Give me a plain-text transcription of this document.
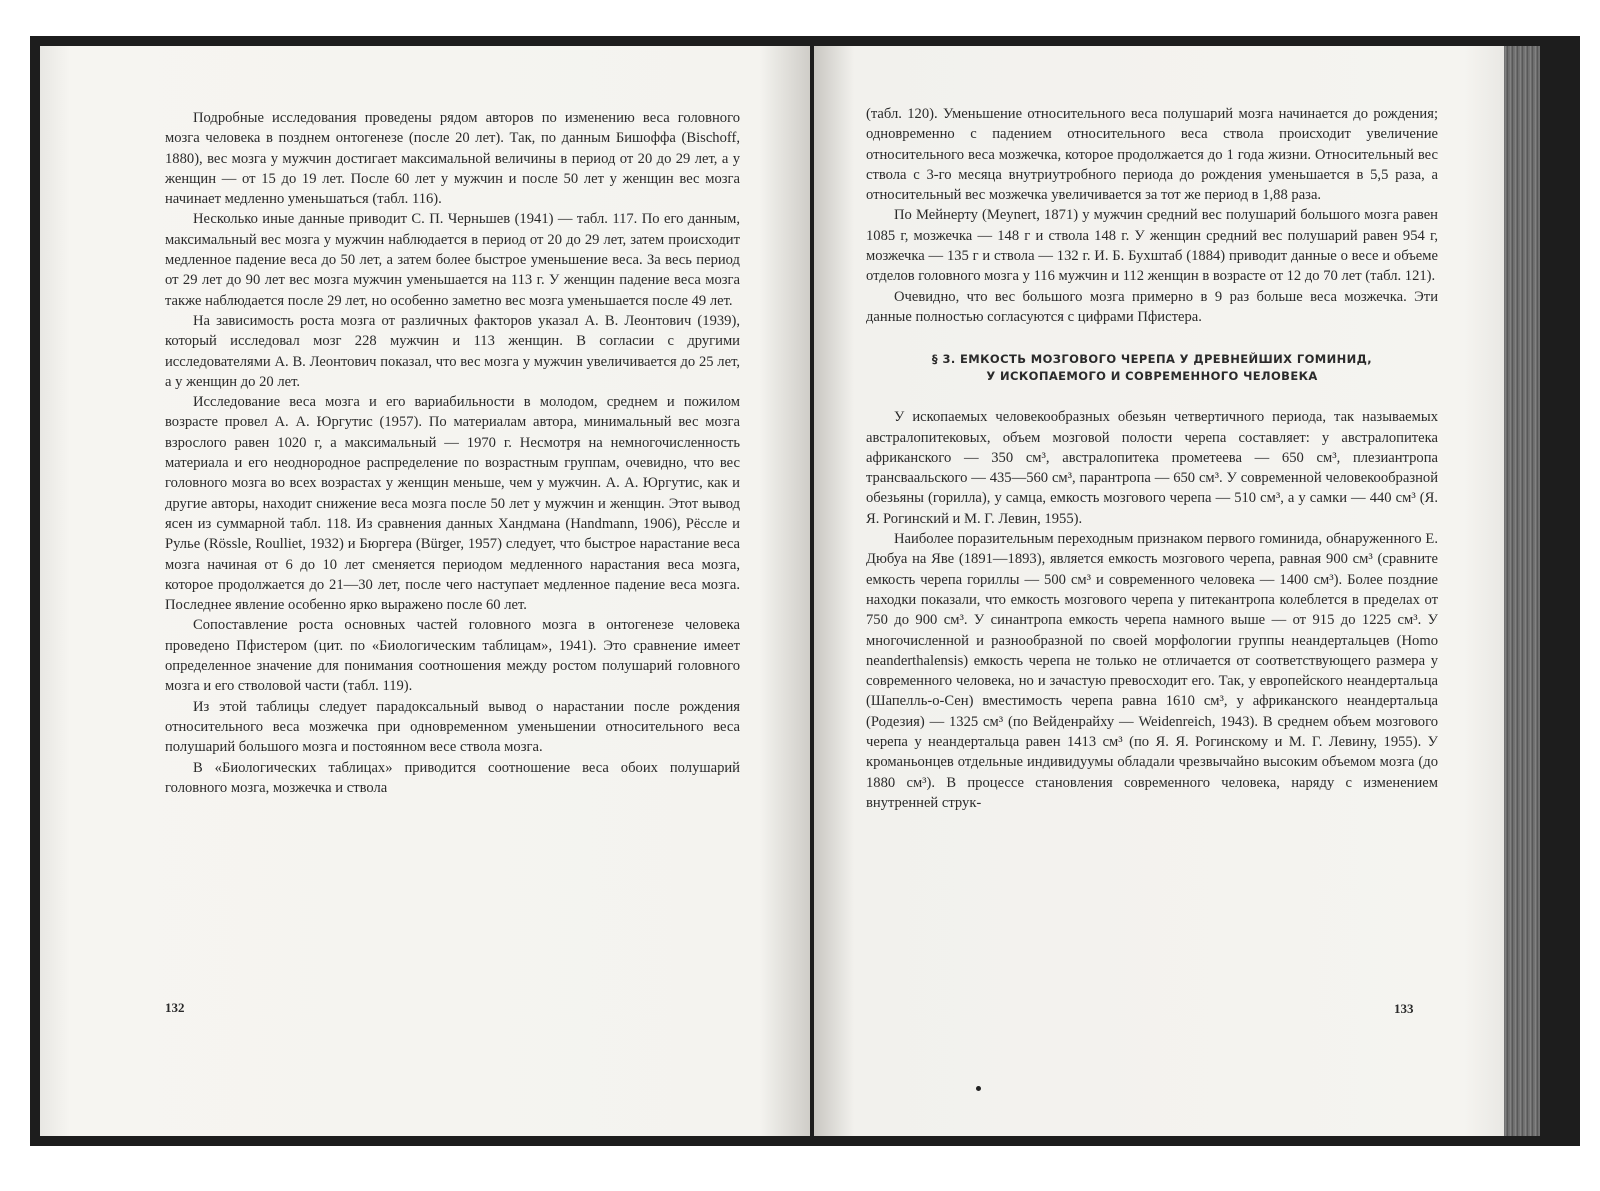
Подробные исследования проведены рядом авторов по изменению веса головного мозга человека в позднем онтогенезе (после 20 лет). Так, по данным Бишоффа (Bischoff, 1880), вес мозга у мужчин достигает максимальной величины в период от 20 до 29 лет, а у женщин — от 15 до 19 лет. После 60 лет у мужчин и после 50 лет у женщин вес мозга начинает медленно уменьшаться (табл. 116).

Несколько иные данные приводит С. П. Черньшев (1941) — табл. 117. По его данным, максимальный вес мозга у мужчин наблюдается в период от 20 до 29 лет, затем происходит медленное падение веса до 50 лет, а затем более быстрое уменьшение веса. За весь период от 29 лет до 90 лет вес мозга мужчин уменьшается на 113 г. У женщин падение веса мозга также наблюдается после 29 лет, но особенно заметно вес мозга уменьшается после 49 лет.

На зависимость роста мозга от различных факторов указал А. В. Леонтович (1939), который исследовал мозг 228 мужчин и 113 женщин. В согласии с другими исследователями А. В. Леонтович показал, что вес мозга у мужчин увеличивается до 25 лет, а у женщин до 20 лет.

Исследование веса мозга и его вариабильности в молодом, среднем и пожилом возрасте провел А. А. Юргутис (1957). По материалам автора, минимальный вес мозга взрослого равен 1020 г, а максимальный — 1970 г. Несмотря на немногочисленность материала и его неоднородное распределение по возрастным группам, очевидно, что вес головного мозга во всех возрастах у женщин меньше, чем у мужчин. А. А. Юргутис, как и другие авторы, находит снижение веса мозга после 50 лет у мужчин и женщин. Этот вывод ясен из суммарной табл. 118. Из сравнения данных Хандмана (Handmann, 1906), Рёссле и Рулье (Rössle, Roulliet, 1932) и Бюргера (Bürger, 1957) следует, что быстрое нарастание веса мозга начиная от 6 до 10 лет сменяется периодом медленного нарастания веса мозга, которое продолжается до 21—30 лет, после чего наступает медленное падение веса мозга. Последнее явление особенно ярко выражено после 60 лет.

Сопоставление роста основных частей головного мозга в онтогенезе человека проведено Пфистером (цит. по «Биологическим таблицам», 1941). Это сравнение имеет определенное значение для понимания соотношения между ростом полушарий головного мозга и его стволовой части (табл. 119).

Из этой таблицы следует парадоксальный вывод о нарастании после рождения относительного веса мозжечка при одновременном уменьшении относительного веса полушарий большого мозга и постоянном весе ствола мозга.

В «Биологических таблицах» приводится соотношение веса обоих полушарий головного мозга, мозжечка и ствола

132

(табл. 120). Уменьшение относительного веса полушарий мозга начинается до рождения; одновременно с падением относительного веса ствола происходит увеличение относительного веса мозжечка, которое продолжается до 1 года жизни. Относительный вес ствола с 3-го месяца внутриутробного периода до рождения уменьшается в 5,5 раза, а относительный вес мозжечка увеличивается за тот же период в 1,88 раза.

По Мейнерту (Meynert, 1871) у мужчин средний вес полушарий большого мозга равен 1085 г, мозжечка — 148 г и ствола 148 г. У женщин средний вес полушарий равен 954 г, мозжечка — 135 г и ствола — 132 г. И. Б. Бухштаб (1884) приводит данные о весе и объеме отделов головного мозга у 116 мужчин и 112 женщин в возрасте от 12 до 70 лет (табл. 121).

Очевидно, что вес большого мозга примерно в 9 раз больше веса мозжечка. Эти данные полностью согласуются с цифрами Пфистера.

§ 3. ЕМКОСТЬ МОЗГОВОГО ЧЕРЕПА У ДРЕВНЕЙШИХ ГОМИНИД,
У ИСКОПАЕМОГО И СОВРЕМЕННОГО ЧЕЛОВЕКА

У ископаемых человекообразных обезьян четвертичного периода, так называемых австралопитековых, объем мозговой полости черепа составляет: у австралопитека африканского — 350 см³, австралопитека прометеева — 650 см³, плезиантропа трансваальского — 435—560 см³, парантропа — 650 см³. У современной человекообразной обезьяны (горилла), у самца, емкость мозгового черепа — 510 см³, а у самки — 440 см³ (Я. Я. Рогинский и М. Г. Левин, 1955).

Наиболее поразительным переходным признаком первого гоминида, обнаруженного Е. Дюбуа на Яве (1891—1893), является емкость мозгового черепа, равная 900 см³ (сравните емкость черепа гориллы — 500 см³ и современного человека — 1400 см³). Более поздние находки показали, что емкость мозгового черепа у питекантропа колеблется в пределах от 750 до 900 см³. У синантропа емкость черепа намного выше — от 915 до 1225 см³. У многочисленной и разнообразной по своей морфологии группы неандертальцев (Homo neanderthalensis) емкость черепа не только не отличается от соответствующего размера у современного человека, но и зачастую превосходит его. Так, у европейского неандертальца (Шапелль-о-Сен) вместимость черепа равна 1610 см³, у африканского неандертальца (Родезия) — 1325 см³ (по Вейденрайху — Weidenreich, 1943). В среднем объем мозгового черепа у неандертальца равен 1413 см³ (по Я. Я. Рогинскому и М. Г. Левину, 1955). У кроманьонцев отдельные индивидуумы обладали чрезвычайно высоким объемом мозга (до 1880 см³). В процессе становления современного человека, наряду с изменением внутренней струк-

133
